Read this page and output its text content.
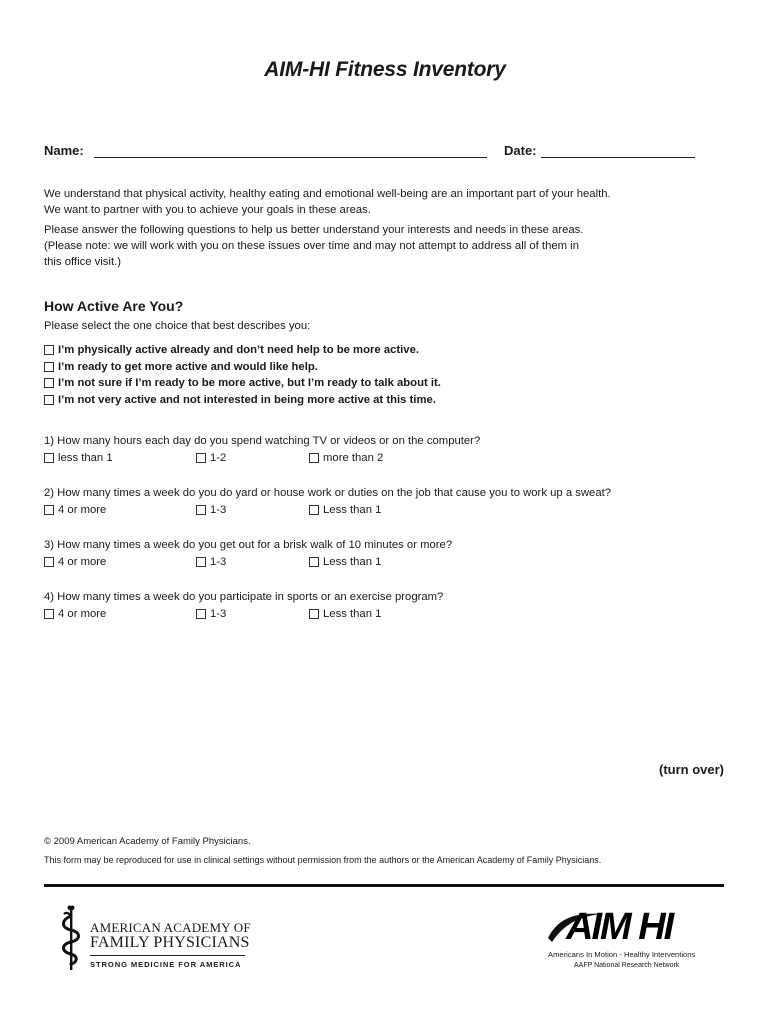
AIM-HI Fitness Inventory
Name:	Date:
We understand that physical activity, healthy eating and emotional well-being are an important part of your health.
We want to partner with you to achieve your goals in these areas.
Please answer the following questions to help us better understand your interests and needs in these areas.
(Please note: we will work with you on these issues over time and may not attempt to address all of them in
this office visit.)
How Active Are You?
Please select the one choice that best describes you:
I’m physically active already and don’t need help to be more active.
I’m ready to get more active and would like help.
I’m not sure if I’m ready to be more active, but I’m ready to talk about it.
I’m not very active and not interested in being more active at this time.
1) How many hours each day do you spend watching TV or videos or on the computer?
less than 1	1-2	more than 2
2) How many times a week do you do yard or house work or duties on the job that cause you to work up a sweat?
4 or more	1-3	Less than 1
3) How many times a week do you get out for a brisk walk of 10 minutes or more?
4 or more	1-3	Less than 1
4) How many times a week do you participate in sports or an exercise program?
4 or more	1-3	Less than 1
(turn over)
© 2009 American Academy of Family Physicians.
This form may be reproduced for use in clinical settings without permission from the authors or the American Academy of Family Physicians.
AMERICAN ACADEMY OF
FAMILY PHYSICIANS
STRONG MEDICINE FOR AMERICA
AIM HI
Americans In Motion - Healthy Interventions
AAFP National Research Network
